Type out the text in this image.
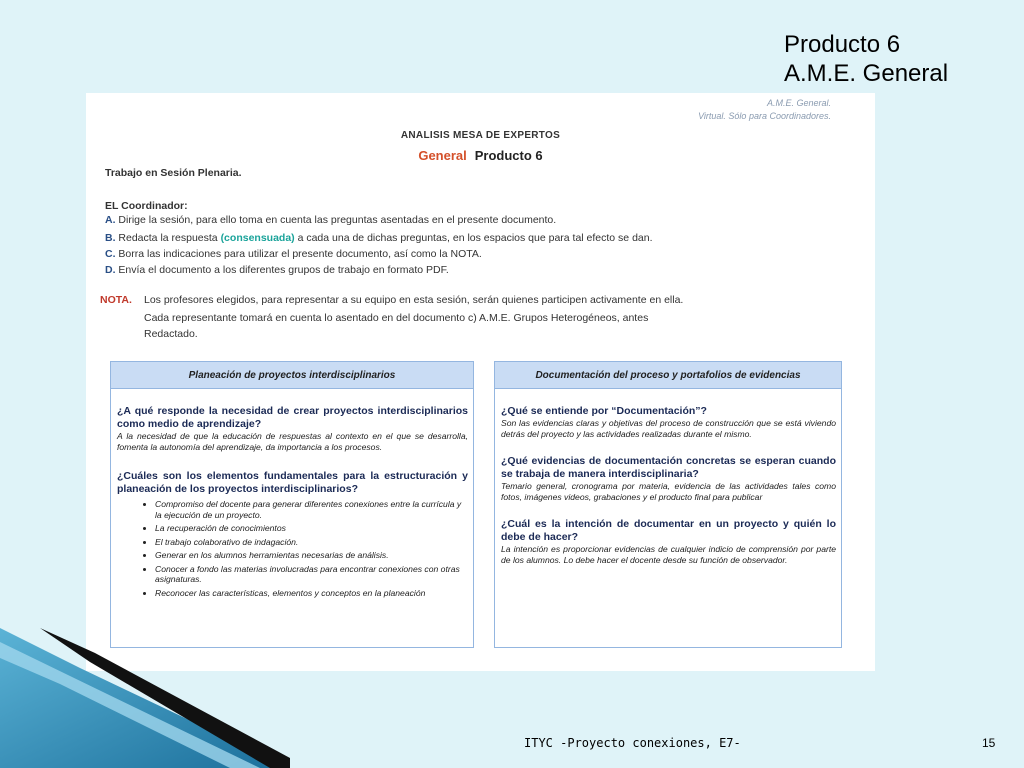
Producto 6
A.M.E. General
A.M.E. General.
Virtual. Sólo para Coordinadores.
ANALISIS MESA DE EXPERTOS
General Producto 6
Trabajo en Sesión Plenaria.
EL Coordinador:
A. Dirige la sesión, para ello toma en cuenta las preguntas asentadas en el presente documento.
B. Redacta la respuesta (consensuada) a cada una de dichas preguntas, en los espacios que para tal efecto se dan.
C. Borra las indicaciones para utilizar el presente documento, así como la NOTA.
D. Envía el documento a los diferentes grupos de trabajo en formato PDF.
NOTA. Los profesores elegidos, para representar a su equipo en esta sesión, serán quienes participen activamente en ella.
Cada representante tomará en cuenta lo asentado en del documento c) A.M.E. Grupos Heterogéneos, antes
Redactado.
Planeación de proyectos interdisciplinarios
¿A qué responde la necesidad de crear proyectos interdisciplinarios como medio de aprendizaje?
A la necesidad de que la educación de respuestas al contexto en el que se desarrolla, fomenta la autonomía del aprendizaje, da importancia a los procesos.
¿Cuáles son los elementos fundamentales para la estructuración y planeación de los proyectos interdisciplinarios?
• Compromiso del docente para generar diferentes conexiones entre la currícula y la ejecución de un proyecto.
• La recuperación de conocimientos
• El trabajo colaborativo de indagación.
• Generar en los alumnos herramientas necesarias de análisis.
• Conocer a fondo las materias involucradas para encontrar conexiones con otras asignaturas.
• Reconocer las características, elementos y conceptos en la planeación
Documentación del proceso y portafolios de evidencias
¿Qué se entiende por “Documentación”?
Son las evidencias claras y objetivas del proceso de construcción que se está viviendo detrás del proyecto y las actividades realizadas durante el mismo.
¿Qué evidencias de documentación concretas se esperan cuando se trabaja de manera interdisciplinaria?
Temario general, cronograma por materia, evidencia de las actividades tales como fotos, imágenes videos, grabaciones y el producto final para publicar
¿Cuál es la intención de documentar en un proyecto y quién lo debe de hacer?
La intención es proporcionar evidencias de cualquier indicio de comprensión por parte de los alumnos. Lo debe hacer el docente desde su función de observador.
ITYC -Proyecto conexiones, E7-	15
